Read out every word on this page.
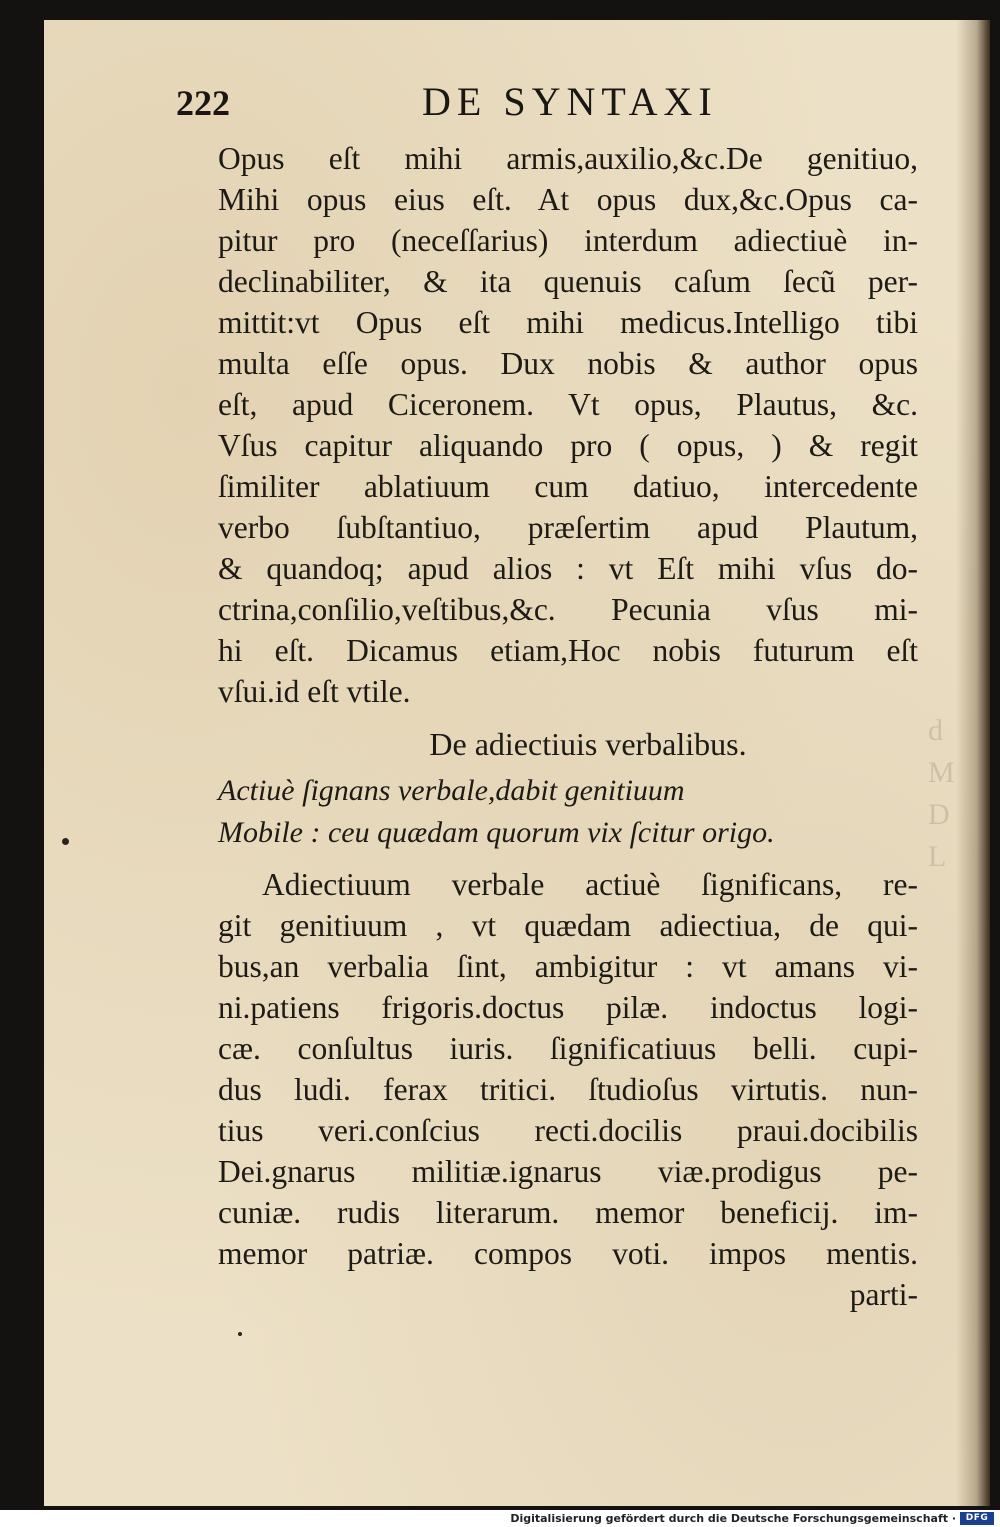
d
M
D
L
222	DE SYNTAXI
Opus eſt mihi armis,auxilio,&c.De genitiuo,
Mihi opus eius eſt. At opus dux,&c.Opus ca-
pitur pro (neceſſarius) interdum adiectiuè in-
declinabiliter, & ita quenuis caſum ſecũ per-
mittit:vt Opus eſt mihi medicus.Intelligo tibi
multa eſſe opus. Dux nobis & author opus
eſt, apud Ciceronem. Vt opus, Plautus, &c.
Vſus capitur aliquando pro ( opus, ) & regit
ſimiliter ablatiuum cum datiuo, intercedente
verbo ſubſtantiuo, præſertim apud Plautum,
& quandoq; apud alios : vt Eſt mihi vſus do-
ctrina,conſilio,veſtibus,&c. Pecunia vſus mi-
hi eſt. Dicamus etiam,Hoc nobis futurum eſt
vſui.id eſt vtile.
De adiectiuis verbalibus.
Actiuè ſignans verbale,dabit genitiuum
Mobile : ceu quædam quorum vix ſcitur origo.
Adiectiuum verbale actiuè ſignificans, re-
git genitiuum , vt quædam adiectiua, de qui-
bus,an verbalia ſint, ambigitur : vt amans vi-
ni.patiens frigoris.doctus pilæ. indoctus logi-
cæ. conſultus iuris. ſignificatiuus belli. cupi-
dus ludi. ferax tritici. ſtudioſus virtutis. nun-
tius veri.conſcius recti.docilis praui.docibilis
Dei.gnarus militiæ.ignarus viæ.prodigus pe-
cuniæ. rudis literarum. memor beneficij. im-
memor patriæ. compos voti. impos mentis.
parti-
Digitalisierung gefördert durch die Deutsche Forschungsgemeinschaft ·	DFG
